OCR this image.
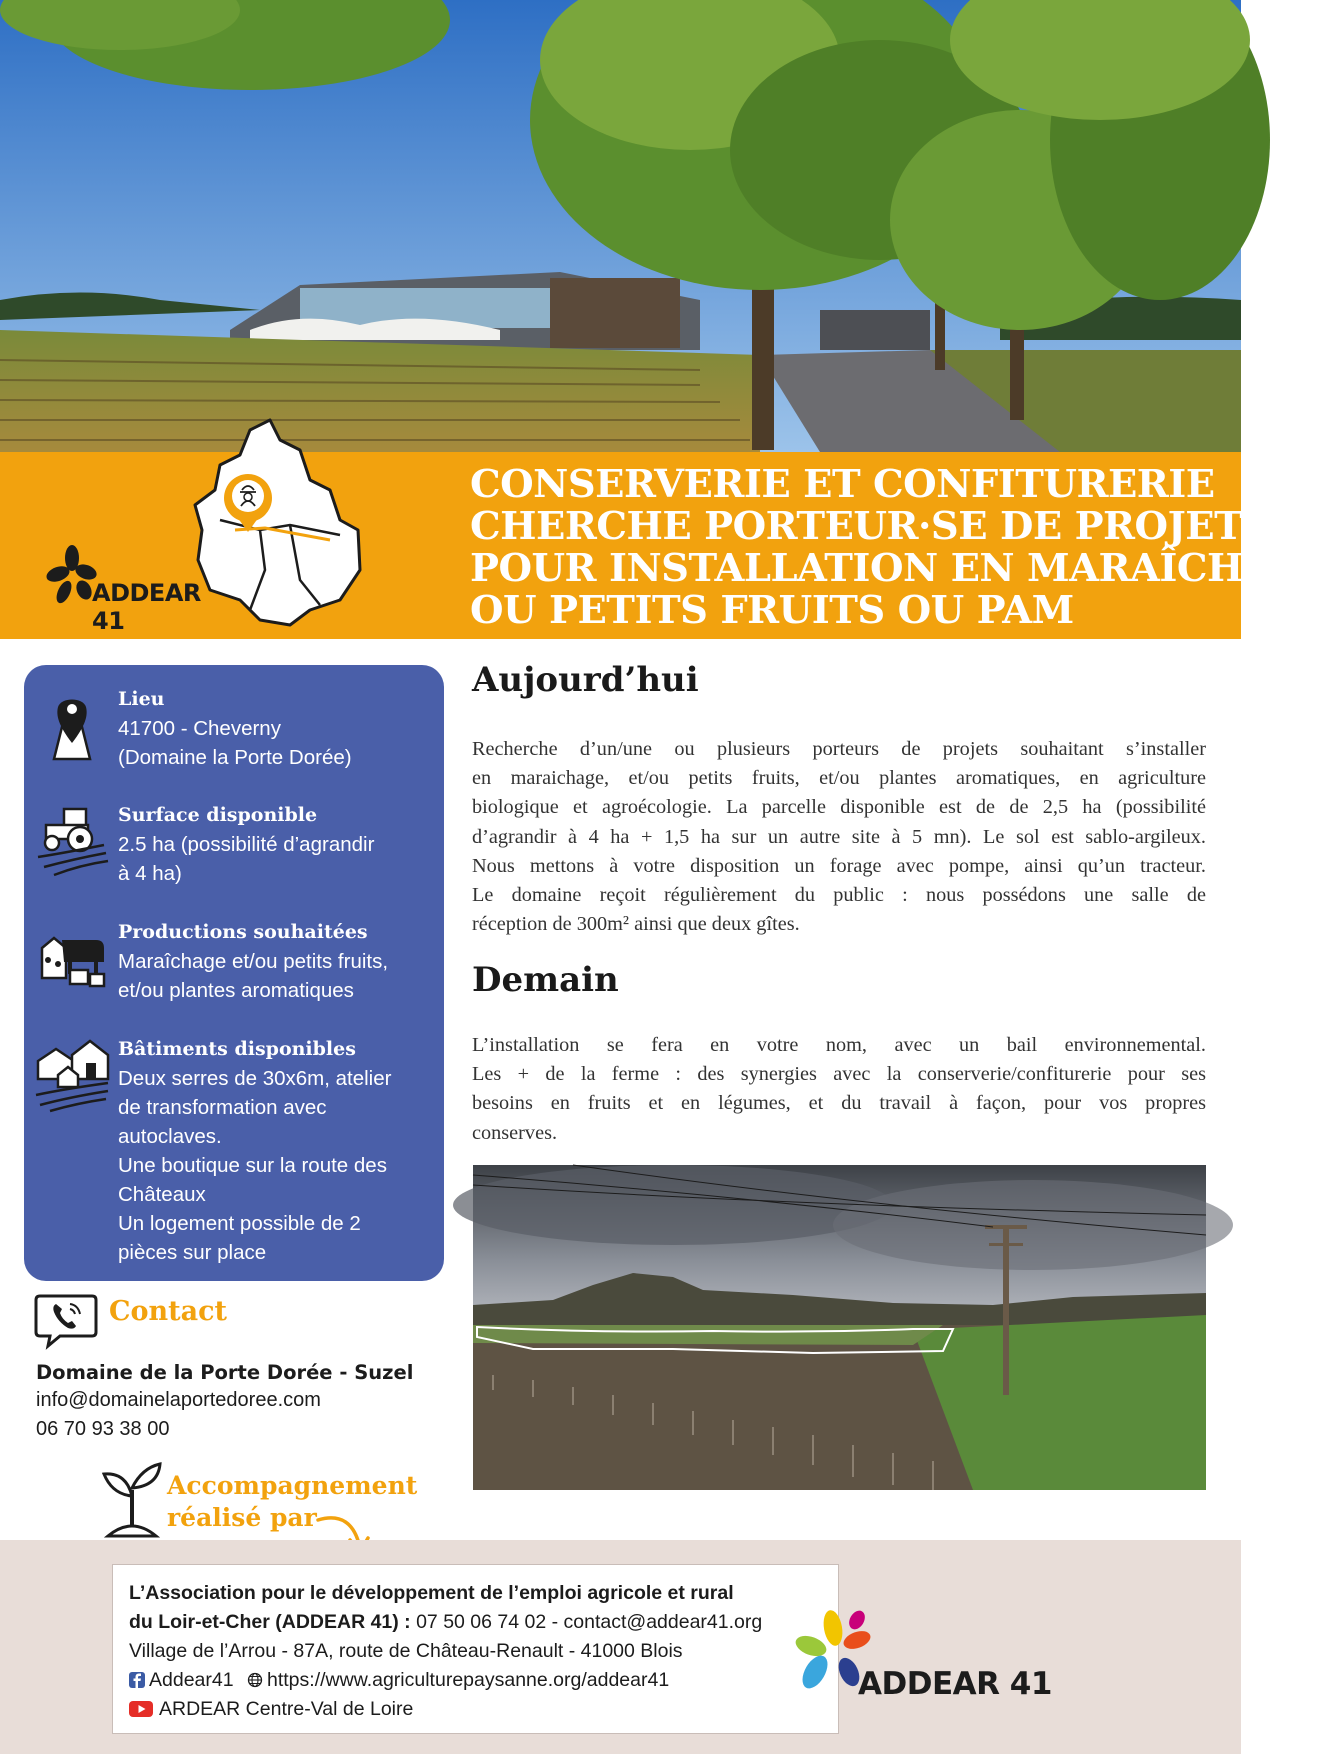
ADDEAR 41
CONSERVERIE ET CONFITURERIE
CHERCHE PORTEUR·SE DE PROJET
POUR INSTALLATION EN MARAÎCHAGE
OU PETITS FRUITS OU PAM
Lieu
41700 - Cheverny
(Domaine la Porte Dorée)
Surface disponible
2.5 ha (possibilité d’agrandir
à 4 ha)
Productions souhaitées
Maraîchage et/ou petits fruits,
et/ou plantes aromatiques
Bâtiments disponibles
Deux serres de 30x6m, atelier
de transformation avec
autoclaves.
Une boutique sur la route des
Châteaux
Un logement possible de 2
pièces sur place
Contact
Domaine de la Porte Dorée - Suzel
info@domainelaportedoree.com
06 70 93 38 00
Accompagnement
réalisé par
Aujourd’hui
Recherche d’un/une ou plusieurs porteurs de projets souhaitant s’installer
en maraichage, et/ou petits fruits, et/ou plantes aromatiques, en agriculture
biologique et agroécologie. La parcelle disponible est de de 2,5 ha (possibilité
d’agrandir à 4 ha + 1,5 ha sur un autre site à 5 mn). Le sol est sablo-argileux.
Nous mettons à votre disposition un forage avec pompe, ainsi qu’un tracteur.
Le domaine reçoit régulièrement du public : nous possédons une salle de
réception de 300m² ainsi que deux gîtes.
Demain
L’installation se fera en votre nom, avec un bail environnemental.
Les + de la ferme : des synergies avec la conserverie/confiturerie pour ses
besoins en fruits et en légumes, et du travail à façon, pour vos propres
conserves.
L’Association pour le développement de l’emploi agricole et rural
du Loir-et-Cher (ADDEAR 41) : 07 50 06 74 02 - contact@addear41.org
Village de l’Arrou - 87A, route de Château-Renault - 41000 Blois
Addear41 https://www.agriculturepaysanne.org/addear41
ARDEAR Centre-Val de Loire
ADDEAR 41
